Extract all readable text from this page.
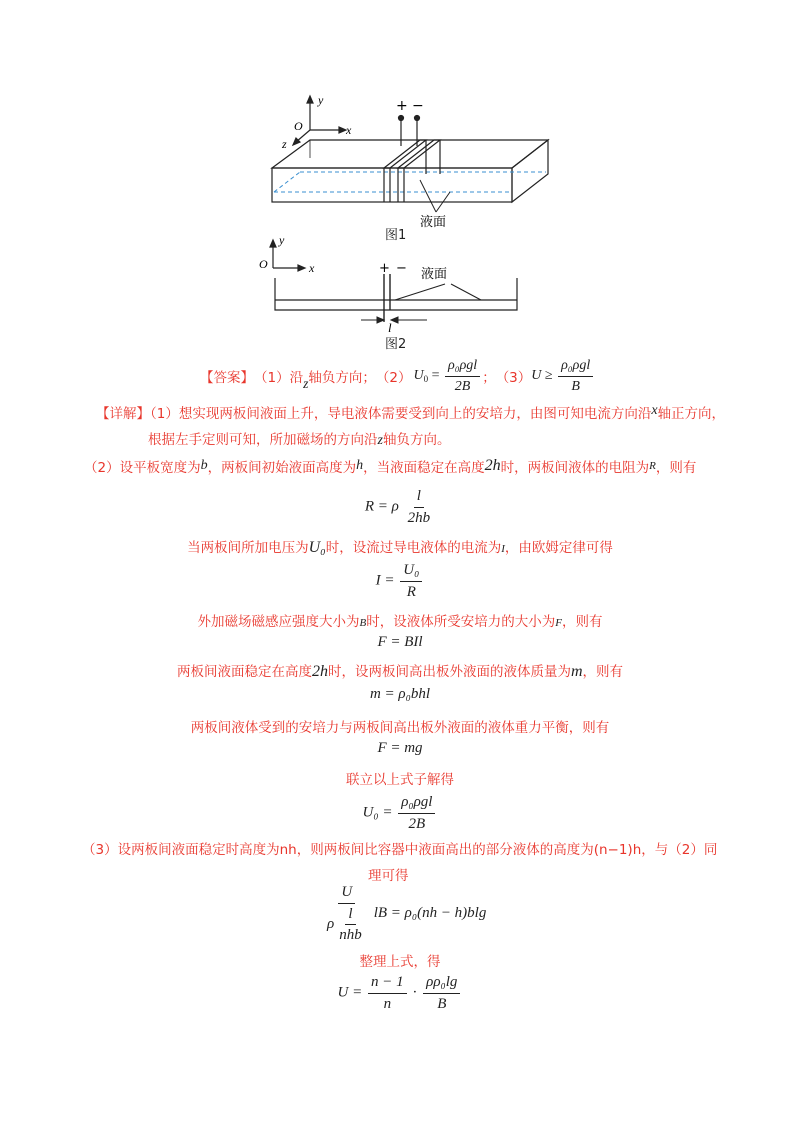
y
x
z
O
+ −
液面
图1
y
x
O	+ − 液面
l
图2
【答案】 （1）沿 z 轴负方向； （2） $U_0 = \frac{\text{ρ₀ρgl}}{2B}$ ； （3） $U \ge \frac{\text{ρ₀ρgl}}{B}$
【详解】（1）想实现两板间液面上升，导电液体需要受到向上的安培力，由图可知电流方向沿x轴正方向，
根据左手定则可知，所加磁场的方向沿z轴负方向。
（2）设平板宽度为b，两板间初始液面高度为h，当液面稳定在高度2h时，两板间液体的电阻为$^R$，则有
R = ρ $\frac{l}{2hb}$
当两板间所加电压为U₀时，设流过导电液体的电流为I，由欧姆定律可得
$I = \frac{\text{U₀}}{R}$
外加磁场磁感应强度大小为B时，设液体所受安培力的大小为F，则有
F = BIl
两板间液面稳定在高度2h时，设两板间高出板外液面的液体质量为m，则有
m = ρ₀bhl
两板间液体受到的安培力与两板间高出板外液面的液体重力平衡，则有
F = mg
联立以上式子解得
$U_0 = \frac{\text{ρ₀ρgl}}{2B}$
（3）设两板间液面稳定时高度为nh，则两板间比容器中液面高出的部分液体的高度为(n−1)h，与（2）同
理可得
$\frac{U}{\rho \frac{l}{\text{nhb}}}$ lB = ρ₀(nh − h)blg
整理上式，得
$U = \frac{n - 1}{n} \cdot \frac{\text{ρρ₀lg}}{B}$
